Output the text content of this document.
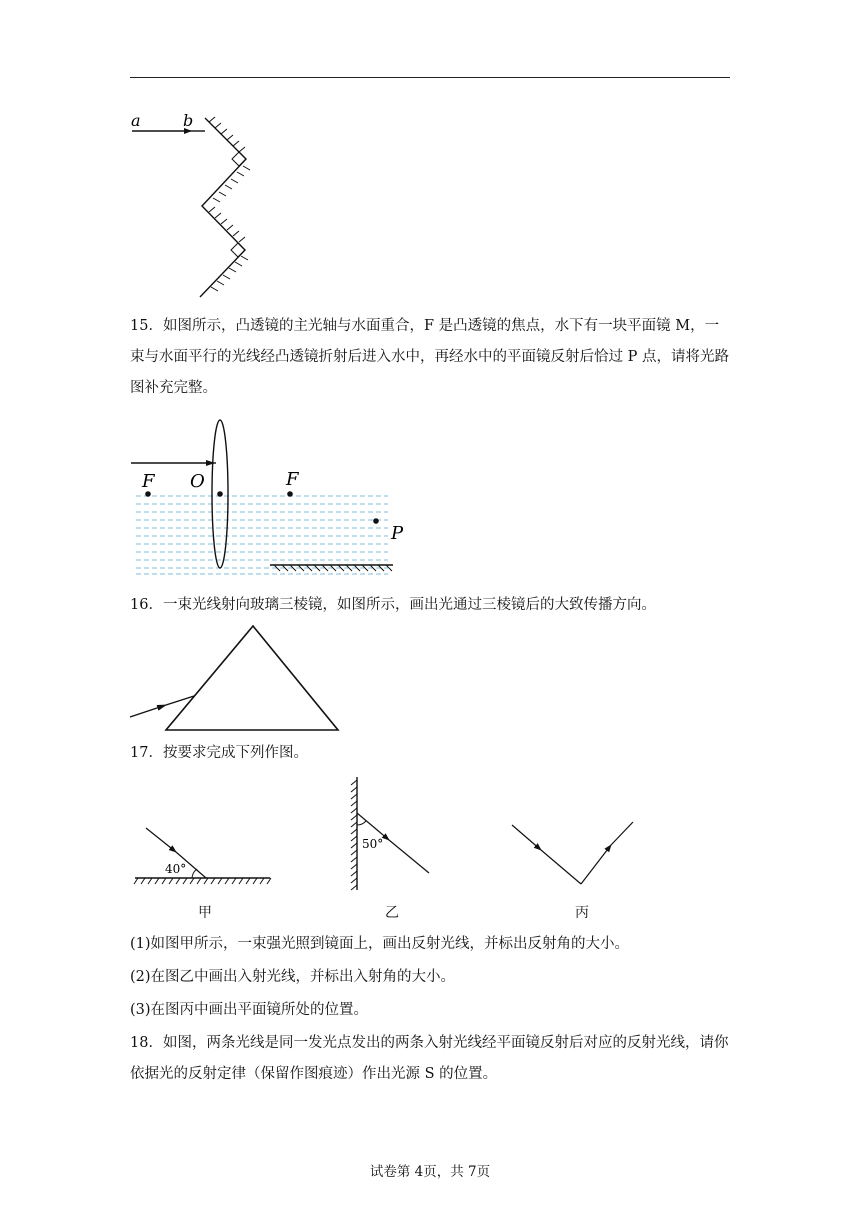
a	b

15．如图所示，凸透镜的主光轴与水面重合，F 是凸透镜的焦点，水下有一块平面镜 M，一束与水面平行的光线经凸透镜折射后进入水中，再经水中的平面镜反射后恰过 P 点，请将光路图补充完整。

F O	F
P

16．一束光线射向玻璃三棱镜，如图所示，画出光通过三棱镜后的大致传播方向。

17．按要求完成下列作图。

40°
甲
50°
乙	丙

(1)如图甲所示，一束强光照到镜面上，画出反射光线，并标出反射角的大小。

(2)在图乙中画出入射光线，并标出入射角的大小。

(3)在图丙中画出平面镜所处的位置。

18．如图，两条光线是同一发光点发出的两条入射光线经平面镜反射后对应的反射光线，请你依据光的反射定律（保留作图痕迹）作出光源 S 的位置。

试卷第 4页，共 7页
